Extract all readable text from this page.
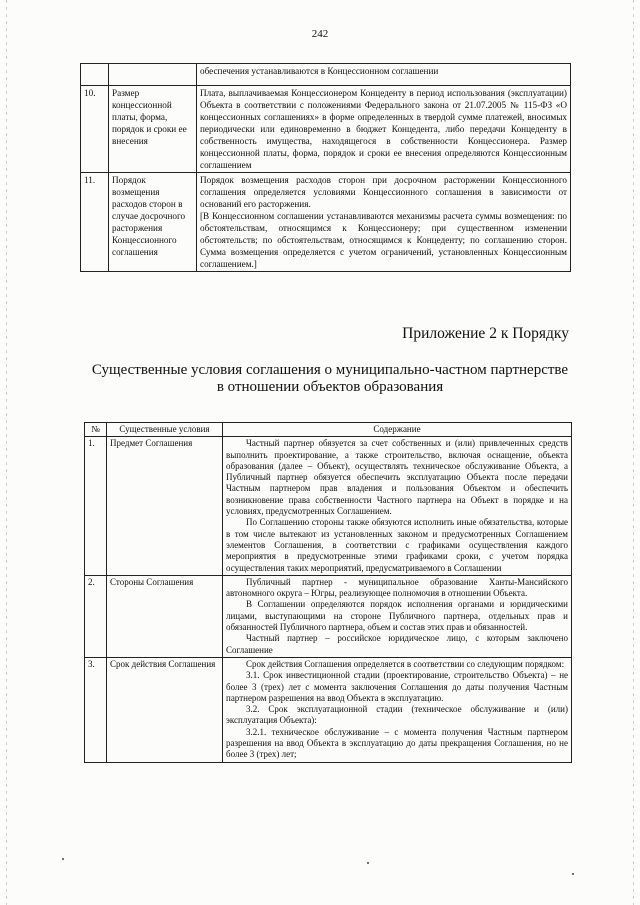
242

		обеспечения устанавливаются в Концессионном соглашении

10.	Размер концессионной платы, форма, порядок и сроки ее внесения	Плата, выплачиваемая Концессионером Концеденту в период использования (эксплуатации) Объекта в соответствии с положениями Федерального закона от 21.07.2005 № 115-ФЗ «О концессионных соглашениях» в форме определенных в твердой сумме платежей, вносимых периодически или единовременно в бюджет Концедента, либо передачи Концеденту в собственность имущества, находящегося в собственности Концессионера. Размер концессионной платы, форма, порядок и сроки ее внесения определяются Концессионным соглашением

11.	Порядок возмещения расходов сторон в случае досрочного расторжения Концессионного соглашения	Порядок возмещения расходов сторон при досрочном расторжении Концессионного соглашения определяется условиями Концессионного соглашения в зависимости от оснований его расторжения.

[В Концессионном соглашении устанавливаются механизмы расчета суммы возмещения: по обстоятельствам, относящимся к Концессионеру; при существенном изменении обстоятельств; по обстоятельствам, относящимся к Концеденту; по соглашению сторон. Сумма возмещения определяется с учетом ограничений, установленных Концессионным соглашением.]

Приложение 2 к Порядку
Существенные условия соглашения о муниципально-частном партнерстве
в отношении объектов образования
№	Существенные условия	Содержание
1.	Предмет Соглашения	Частный партнер обязуется за счет собственных и (или) привлеченных средств выполнить проектирование, а также строительство, включая оснащение, объекта образования (далее – Объект), осуществлять техническое обслуживание Объекта, а Публичный партнер обязуется обеспечить эксплуатацию Объекта после передачи Частным партнером прав владения и пользования Объектом и обеспечить возникновение права собственности Частного партнера на Объект в порядке и на условиях, предусмотренных Соглашением.

По Соглашению стороны также обязуются исполнить иные обязательства, которые в том числе вытекают из установленных законом и предусмотренных Соглашением элементов Соглашения, в соответствии с графиками осуществления каждого мероприятия в предусмотренные этими графиками сроки, с учетом порядка осуществления таких мероприятий, предусматриваемого в Соглашении

2.	Стороны Соглашения	Публичный партнер - муниципальное образование Ханты-Мансийского автономного округа – Югры, реализующее полномочия в отношении Объекта.

В Соглашении определяются порядок исполнения органами и юридическими лицами, выступающими на стороне Публичного партнера, отдельных прав и обязанностей Публичного партнера, объем и состав этих прав и обязанностей.

Частный партнер – российское юридическое лицо, с которым заключено Соглашение

3.	Срок действия Соглашения	Срок действия Соглашения определяется в соответствии со следующим порядком:

3.1. Срок инвестиционной стадии (проектирование, строительство Объекта) – не более 3 (трех) лет с момента заключения Соглашения до даты получения Частным партнером разрешения на ввод Объекта в эксплуатацию.

3.2. Срок эксплуатационной стадии (техническое обслуживание и (или) эксплуатация Объекта):

3.2.1. техническое обслуживание – с момента получения Частным партнером разрешения на ввод Объекта в эксплуатацию до даты прекращения Соглашения, но не более 3 (трех) лет;
